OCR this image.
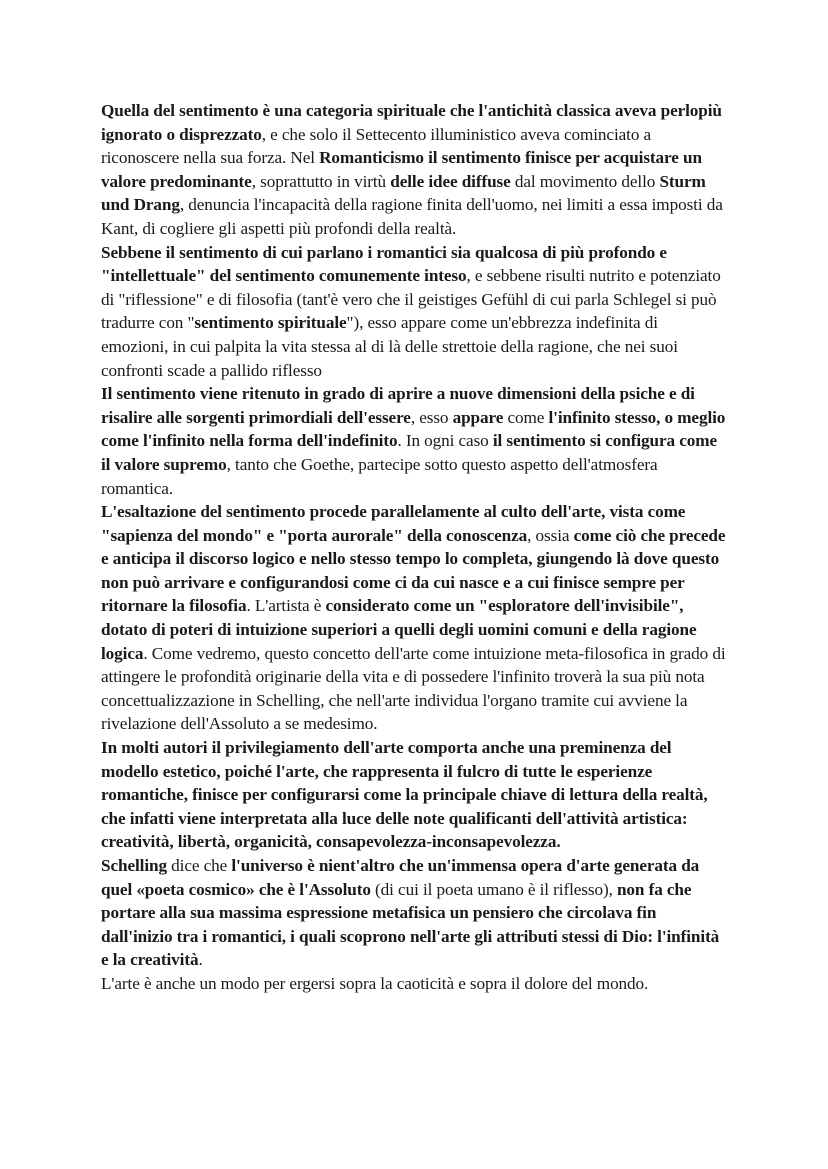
Quella del sentimento è una categoria spirituale che l'antichità classica aveva perlopiù ignorato o disprezzato, e che solo il Settecento illuministico aveva cominciato a riconoscere nella sua forza. Nel Romanticismo il sentimento finisce per acquistare un valore predominante, soprattutto in virtù delle idee diffuse dal movimento dello Sturm und Drang, denuncia l'incapacità della ragione finita dell'uomo, nei limiti a essa imposti da Kant, di cogliere gli aspetti più profondi della realtà.

Sebbene il sentimento di cui parlano i romantici sia qualcosa di più profondo e "intellettuale" del sentimento comunemente inteso, e sebbene risulti nutrito e potenziato di "riflessione" e di filosofia (tant'è vero che il geistiges Gefühl di cui parla Schlegel si può tradurre con "sentimento spirituale"), esso appare come un'ebbrezza indefinita di emozioni, in cui palpita la vita stessa al di là delle strettoie della ragione, che nei suoi confronti scade a pallido riflesso

Il sentimento viene ritenuto in grado di aprire a nuove dimensioni della psiche e di risalire alle sorgenti primordiali dell'essere, esso appare come l'infinito stesso, o meglio come l'infinito nella forma dell'indefinito. In ogni caso il sentimento si configura come il valore supremo, tanto che Goethe, partecipe sotto questo aspetto dell'atmosfera romantica.

L'esaltazione del sentimento procede parallelamente al culto dell'arte, vista come "sapienza del mondo" e "porta aurorale" della conoscenza, ossia come ciò che precede e anticipa il discorso logico e nello stesso tempo lo completa, giungendo là dove questo non può arrivare e configurandosi come ci da cui nasce e a cui finisce sempre per ritornare la filosofia. L'artista è considerato come un "esploratore dell'invisibile", dotato di poteri di intuizione superiori a quelli degli uomini comuni e della ragione logica. Come vedremo, questo concetto dell'arte come intuizione meta-filosofica in grado di attingere le profondità originarie della vita e di possedere l'infinito troverà la sua più nota concettualizzazione in Schelling, che nell'arte individua l'organo tramite cui avviene la rivelazione dell'Assoluto a se medesimo.

In molti autori il privilegiamento dell'arte comporta anche una preminenza del modello estetico, poiché l'arte, che rappresenta il fulcro di tutte le esperienze romantiche, finisce per configurarsi come la principale chiave di lettura della realtà, che infatti viene interpretata alla luce delle note qualificanti dell'attività artistica: creatività, libertà, organicità, consapevolezza-inconsapevolezza.

Schelling dice che l'universo è nient'altro che un'immensa opera d'arte generata da quel «poeta cosmico» che è l'Assoluto (di cui il poeta umano è il riflesso), non fa che portare alla sua massima espressione metafisica un pensiero che circolava fin dall'inizio tra i romantici, i quali scoprono nell'arte gli attributi stessi di Dio: l'infinità e la creatività.

L'arte è anche un modo per ergersi sopra la caoticità e sopra il dolore del mondo.
